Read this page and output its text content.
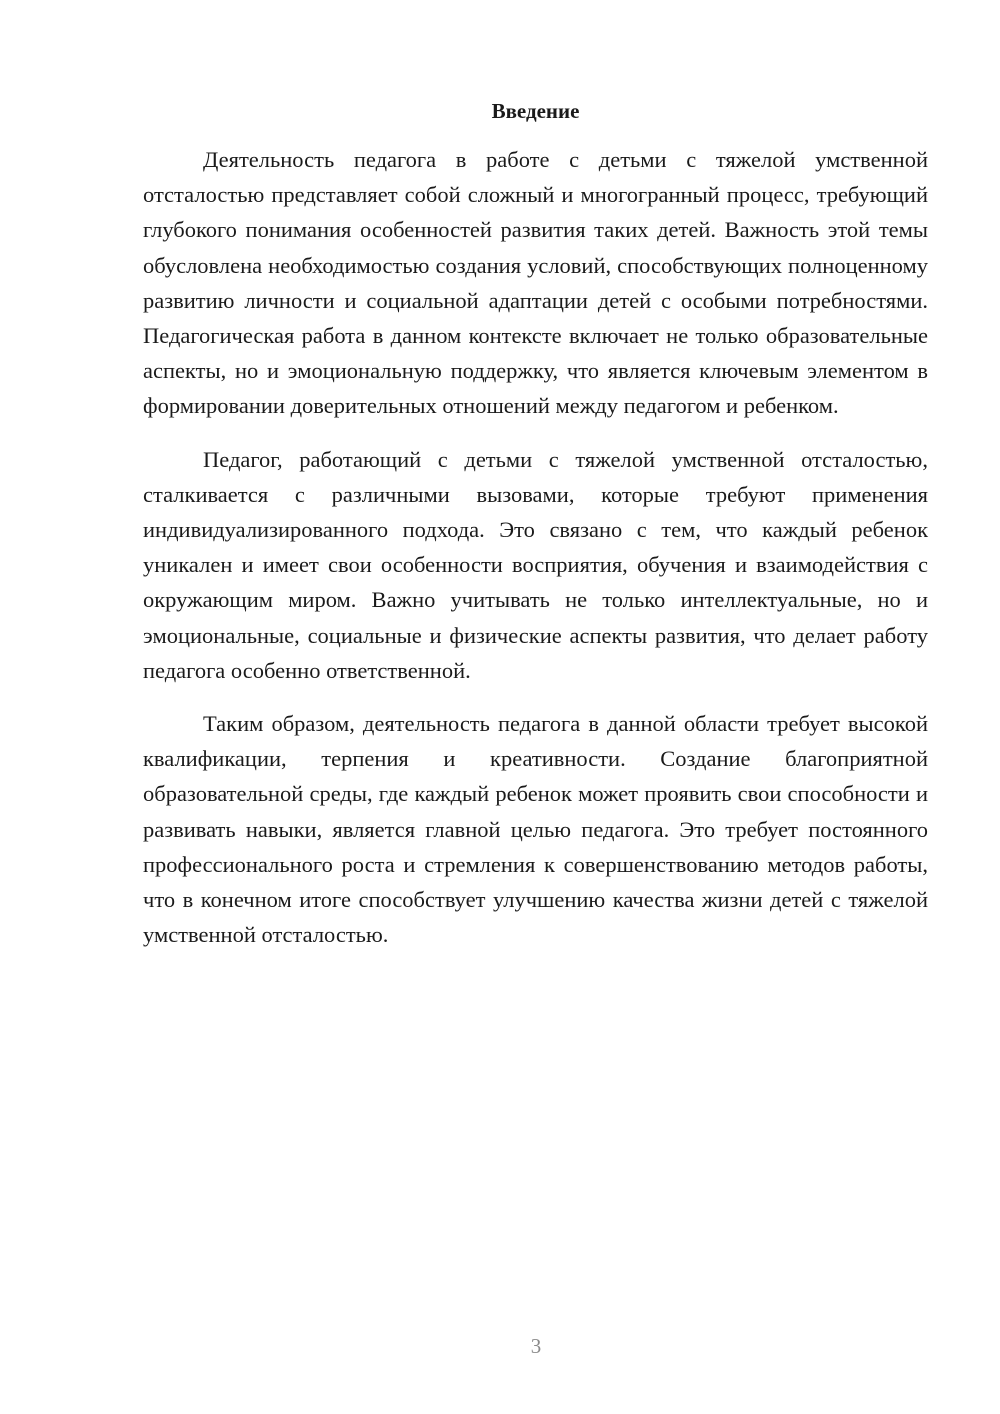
Введение

Деятельность педагога в работе с детьми с тяжелой умственной отсталостью представляет собой сложный и многогранный процесс, требующий глубокого понимания особенностей развития таких детей. Важность этой темы обусловлена необходимостью создания условий, способствующих полноценному развитию личности и социальной адаптации детей с особыми потребностями. Педагогическая работа в данном контексте включает не только образовательные аспекты, но и эмоциональную поддержку, что является ключевым элементом в формировании доверительных отношений между педагогом и ребенком.

Педагог, работающий с детьми с тяжелой умственной отсталостью, сталкивается с различными вызовами, которые требуют применения индивидуализированного подхода. Это связано с тем, что каждый ребенок уникален и имеет свои особенности восприятия, обучения и взаимодействия с окружающим миром. Важно учитывать не только интеллектуальные, но и эмоциональные, социальные и физические аспекты развития, что делает работу педагога особенно ответственной.

Таким образом, деятельность педагога в данной области требует высокой квалификации, терпения и креативности. Создание благоприятной образовательной среды, где каждый ребенок может проявить свои способности и развивать навыки, является главной целью педагога. Это требует постоянного профессионального роста и стремления к совершенствованию методов работы, что в конечном итоге способствует улучшению качества жизни детей с тяжелой умственной отсталостью.

3
